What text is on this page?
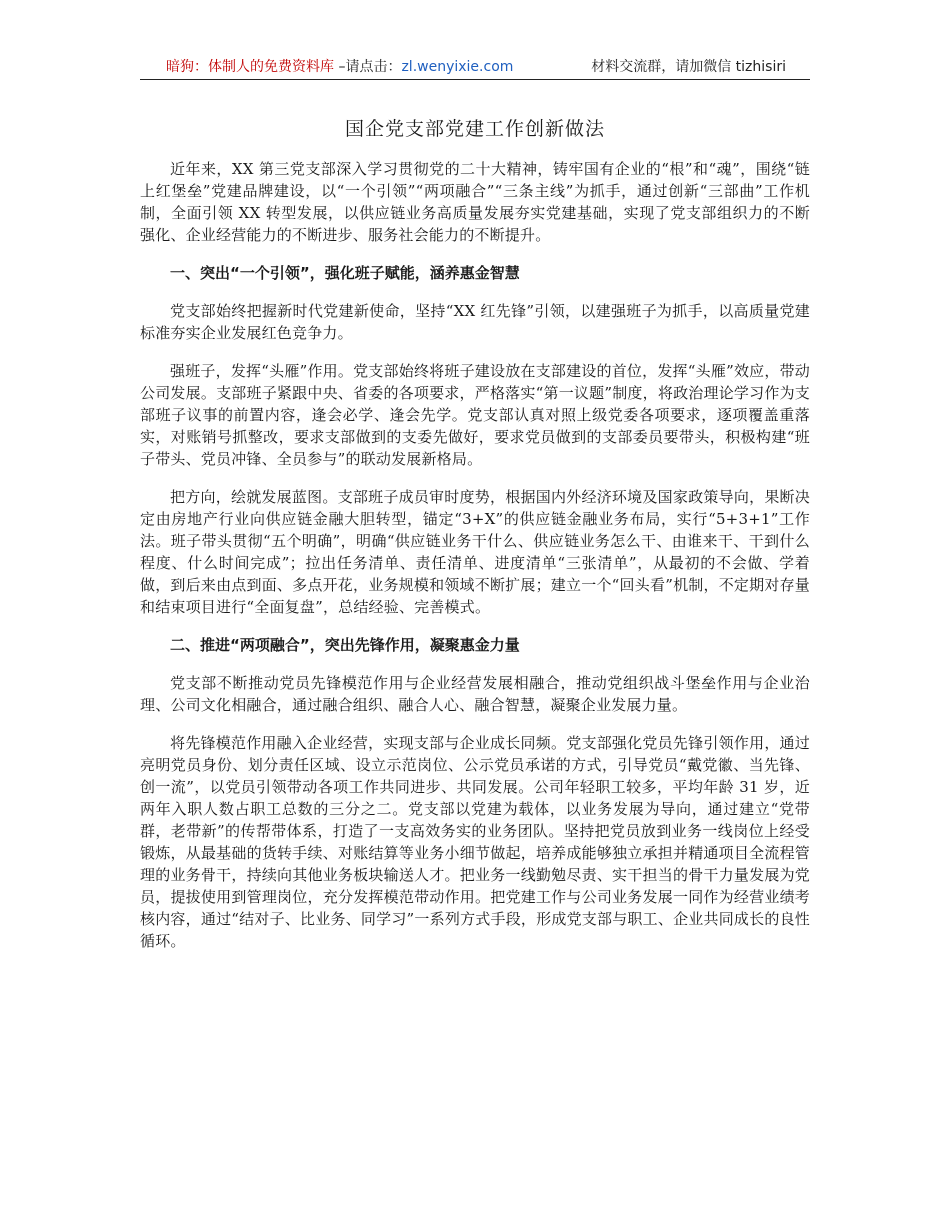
暗狗：体制人的免费资料库 –请点击：zl.wenyixie.com	材料交流群，请加微信 tizhisiri
国企党支部党建工作创新做法

近年来，XX 第三党支部深入学习贯彻党的二十大精神，铸牢国有企业的“根”和“魂”，围绕“链上红堡垒”党建品牌建设，以“一个引领”“两项融合”“三条主线”为抓手，通过创新“三部曲”工作机制，全面引领 XX 转型发展，以供应链业务高质量发展夯实党建基础，实现了党支部组织力的不断强化、企业经营能力的不断进步、服务社会能力的不断提升。

一、突出“一个引领”，强化班子赋能，涵养惠金智慧

党支部始终把握新时代党建新使命，坚持“XX 红先锋”引领，以建强班子为抓手，以高质量党建标准夯实企业发展红色竞争力。

强班子，发挥“头雁”作用。党支部始终将班子建设放在支部建设的首位，发挥“头雁”效应，带动公司发展。支部班子紧跟中央、省委的各项要求，严格落实“第一议题”制度，将政治理论学习作为支部班子议事的前置内容，逢会必学、逢会先学。党支部认真对照上级党委各项要求，逐项覆盖重落实，对账销号抓整改，要求支部做到的支委先做好，要求党员做到的支部委员要带头，积极构建“班子带头、党员冲锋、全员参与”的联动发展新格局。

把方向，绘就发展蓝图。支部班子成员审时度势，根据国内外经济环境及国家政策导向，果断决定由房地产行业向供应链金融大胆转型，锚定“3+X”的供应链金融业务布局，实行“5+3+1”工作法。班子带头贯彻“五个明确”，明确“供应链业务干什么、供应链业务怎么干、由谁来干、干到什么程度、什么时间完成”；拉出任务清单、责任清单、进度清单“三张清单”，从最初的不会做、学着做，到后来由点到面、多点开花，业务规模和领域不断扩展；建立一个“回头看”机制，不定期对存量和结束项目进行“全面复盘”，总结经验、完善模式。

二、推进“两项融合”，突出先锋作用，凝聚惠金力量

党支部不断推动党员先锋模范作用与企业经营发展相融合，推动党组织战斗堡垒作用与企业治理、公司文化相融合，通过融合组织、融合人心、融合智慧，凝聚企业发展力量。

将先锋模范作用融入企业经营，实现支部与企业成长同频。党支部强化党员先锋引领作用，通过亮明党员身份、划分责任区域、设立示范岗位、公示党员承诺的方式，引导党员“戴党徽、当先锋、创一流”，以党员引领带动各项工作共同进步、共同发展。公司年轻职工较多，平均年龄 31 岁，近两年入职人数占职工总数的三分之二。党支部以党建为载体，以业务发展为导向，通过建立“党带群，老带新”的传帮带体系，打造了一支高效务实的业务团队。坚持把党员放到业务一线岗位上经受锻炼，从最基础的货转手续、对账结算等业务小细节做起，培养成能够独立承担并精通项目全流程管理的业务骨干，持续向其他业务板块输送人才。把业务一线勤勉尽责、实干担当的骨干力量发展为党员，提拔使用到管理岗位，充分发挥模范带动作用。把党建工作与公司业务发展一同作为经营业绩考核内容，通过“结对子、比业务、同学习”一系列方式手段，形成党支部与职工、企业共同成长的良性循环。
